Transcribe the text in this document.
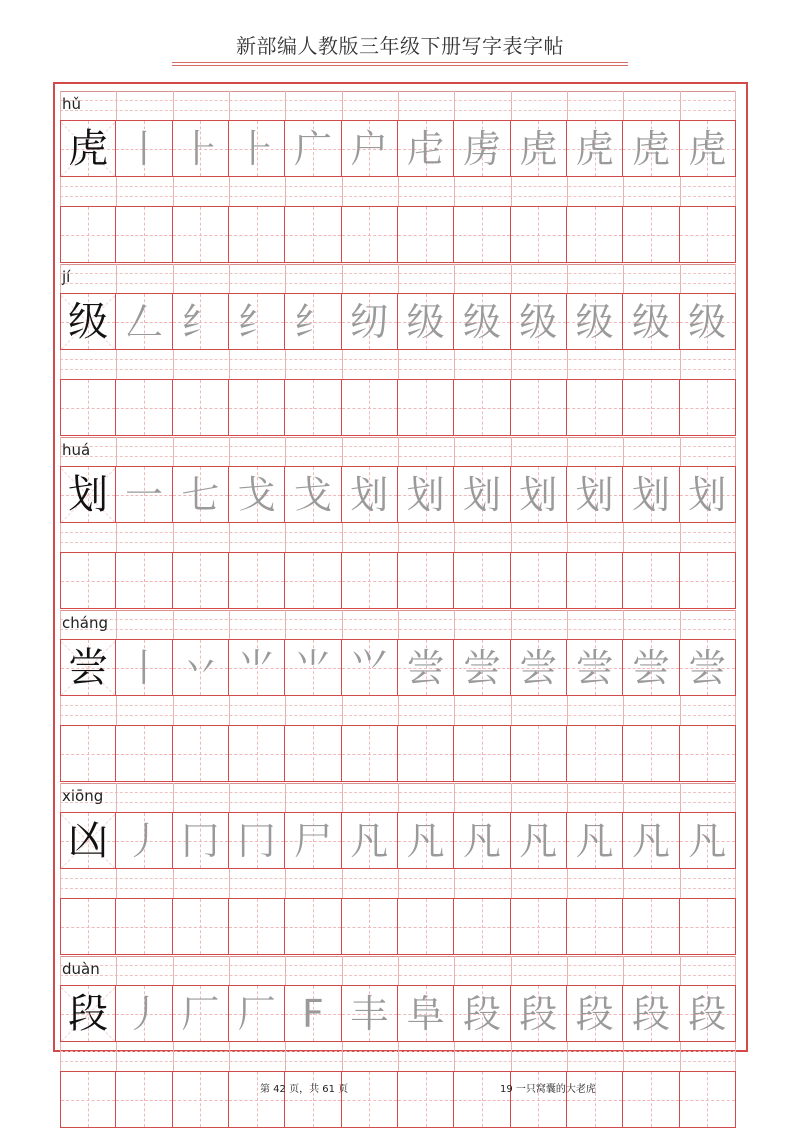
新部编人教版三年级下册写字表字帖
hǔ
虎 丨 ⺊ ⺊ 广 户 虍 虏 虎 虎 虎 虎
jí
级 𠃋 纟 纟 纟 纫 级 级 级 级 级 级
huá
划 一 七 戈 戈 划 划 划 划 划 划 划
cháng
尝 丨 丷 ⺌ ⺌ ⺍ 尝 尝 尝 尝 尝 尝
xiōng
凶 丿 冂 冂 尸 凡 凡 凡 凡 凡 凡 凡
duàn
段 丿 厂 厂 F 丰 阜 段 段 段 段 段
第 42 页，共 61 页	19 一只窝囊的大老虎
